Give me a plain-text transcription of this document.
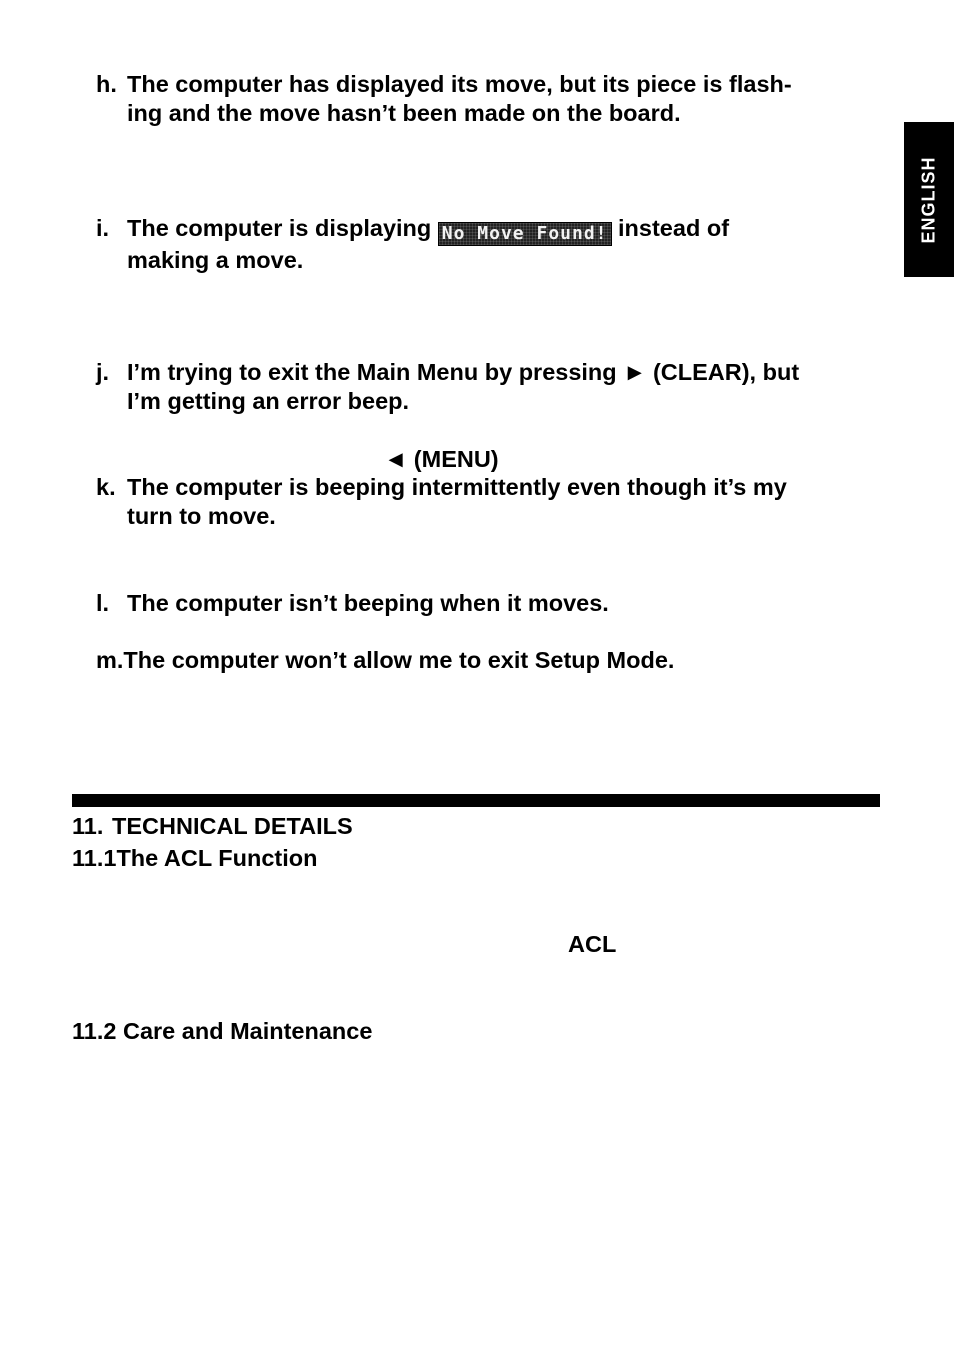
ENGLISH
h. The computer has displayed its move, but its piece is flash-
ing and the move hasn’t been made on the board.
i. The computer is displaying No Move Found! instead of
making a move.
j. I’m trying to exit the Main Menu by pressing ► (CLEAR), but
I’m getting an error beep.
◄ (MENU)
k. The computer is beeping intermittently even though it’s my
turn to move.
l. The computer isn’t beeping when it moves.
m.The computer won’t allow me to exit Setup Mode.
11. TECHNICAL DETAILS
11.1The ACL Function
ACL
11.2 Care and Maintenance
